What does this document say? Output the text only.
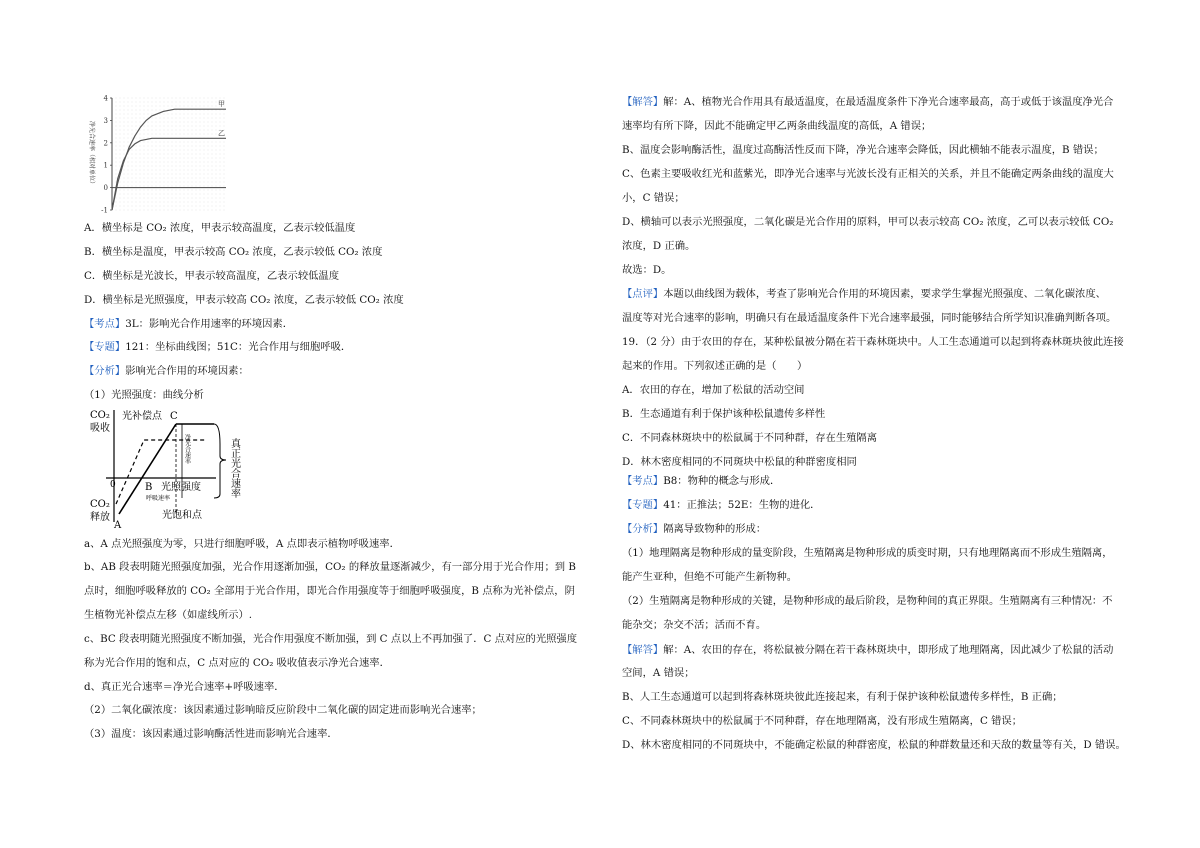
4
3
2
1
0
-1
净光合速率（相对单位）
甲
乙
CO₂
吸收
光补偿点 C
0	B 光照强度
呼吸速率
净光合速率	真正光合速率
CO₂
释放
A
光饱和点
A．横坐标是 CO₂ 浓度，甲表示较高温度，乙表示较低温度
B．横坐标是温度，甲表示较高 CO₂ 浓度，乙表示较低 CO₂ 浓度
C．横坐标是光波长，甲表示较高温度，乙表示较低温度
D．横坐标是光照强度，甲表示较高 CO₂ 浓度，乙表示较低 CO₂ 浓度
【考点】3L：影响光合作用速率的环境因素．
【专题】121：坐标曲线图；51C：光合作用与细胞呼吸．
【分析】影响光合作用的环境因素：
（1）光照强度：曲线分析
a、A 点光照强度为零，只进行细胞呼吸，A 点即表示植物呼吸速率．
b、AB 段表明随光照强度加强，光合作用逐渐加强，CO₂ 的释放量逐渐减少，有一部分用于光合作用；到 B
点时，细胞呼吸释放的 CO₂ 全部用于光合作用，即光合作用强度等于细胞呼吸强度，B 点称为光补偿点，阴
生植物光补偿点左移（如虚线所示）.
c、BC 段表明随光照强度不断加强，光合作用强度不断加强，到 C 点以上不再加强了．C 点对应的光照强度
称为光合作用的饱和点，C 点对应的 CO₂ 吸收值表示净光合速率．
d、真正光合速率＝净光合速率+呼吸速率．
（2）二氧化碳浓度：该因素通过影响暗反应阶段中二氧化碳的固定进而影响光合速率；
（3）温度：该因素通过影响酶活性进而影响光合速率．
【解答】解：A、植物光合作用具有最适温度，在最适温度条件下净光合速率最高，高于或低于该温度净光合
速率均有所下降，因此不能确定甲乙两条曲线温度的高低，A 错误；
B、温度会影响酶活性，温度过高酶活性反而下降，净光合速率会降低，因此横轴不能表示温度，B 错误；
C、色素主要吸收红光和蓝紫光，即净光合速率与光波长没有正相关的关系，并且不能确定两条曲线的温度大
小，C 错误；
D、横轴可以表示光照强度，二氧化碳是光合作用的原料，甲可以表示较高 CO₂ 浓度，乙可以表示较低 CO₂
浓度，D 正确。
故选：D。
【点评】本题以曲线图为载体，考查了影响光合作用的环境因素，要求学生掌握光照强度、二氧化碳浓度、
温度等对光合速率的影响，明确只有在最适温度条件下光合速率最强，同时能够结合所学知识准确判断各项。
19．（2 分）由于农田的存在，某种松鼠被分隔在若干森林斑块中。人工生态通道可以起到将森林斑块彼此连接
起来的作用。下列叙述正确的是（　　）
A．农田的存在，增加了松鼠的活动空间
B．生态通道有利于保护该种松鼠遗传多样性
C．不同森林斑块中的松鼠属于不同种群，存在生殖隔离
D．林木密度相同的不同斑块中松鼠的种群密度相同
【考点】B8：物种的概念与形成．
【专题】41：正推法；52E：生物的进化．
【分析】隔离导致物种的形成：
（1）地理隔离是物种形成的量变阶段，生殖隔离是物种形成的质变时期，只有地理隔离而不形成生殖隔离，
能产生亚种，但绝不可能产生新物种。
（2）生殖隔离是物种形成的关键，是物种形成的最后阶段，是物种间的真正界限。生殖隔离有三种情况：不
能杂交；杂交不活；活而不育。
【解答】解：A、农田的存在，将松鼠被分隔在若干森林斑块中，即形成了地理隔离，因此减少了松鼠的活动
空间，A 错误；
B、人工生态通道可以起到将森林斑块彼此连接起来，有利于保护该种松鼠遗传多样性，B 正确；
C、不同森林斑块中的松鼠属于不同种群，存在地理隔离，没有形成生殖隔离，C 错误；
D、林木密度相同的不同斑块中，不能确定松鼠的种群密度，松鼠的种群数量还和天敌的数量等有关，D 错误。
